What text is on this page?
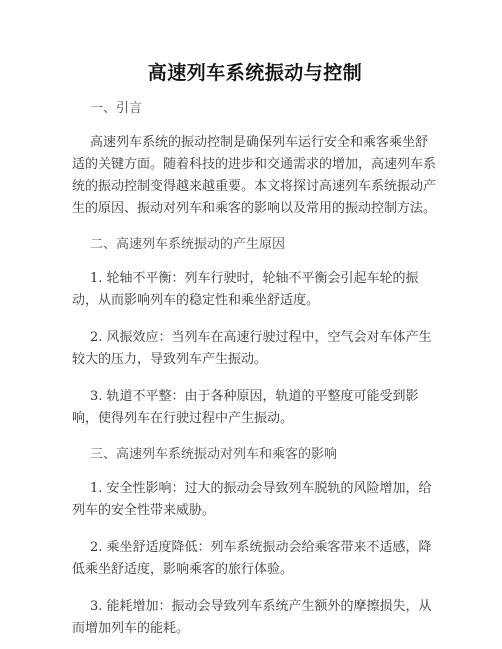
高速列车系统振动与控制

一、引言

高速列车系统的振动控制是确保列车运行安全和乘客乘坐舒适的关键方面。随着科技的进步和交通需求的增加，高速列车系统的振动控制变得越来越重要。本文将探讨高速列车系统振动产生的原因、振动对列车和乘客的影响以及常用的振动控制方法。

二、高速列车系统振动的产生原因

1. 轮轴不平衡：列车行驶时，轮轴不平衡会引起车轮的振动，从而影响列车的稳定性和乘坐舒适度。

2. 风振效应：当列车在高速行驶过程中，空气会对车体产生较大的压力，导致列车产生振动。

3. 轨道不平整：由于各种原因，轨道的平整度可能受到影响，使得列车在行驶过程中产生振动。

三、高速列车系统振动对列车和乘客的影响

1. 安全性影响：过大的振动会导致列车脱轨的风险增加，给列车的安全性带来威胁。

2. 乘坐舒适度降低：列车系统振动会给乘客带来不适感，降低乘坐舒适度，影响乘客的旅行体验。

3. 能耗增加：振动会导致列车系统产生额外的摩擦损失，从而增加列车的能耗。
